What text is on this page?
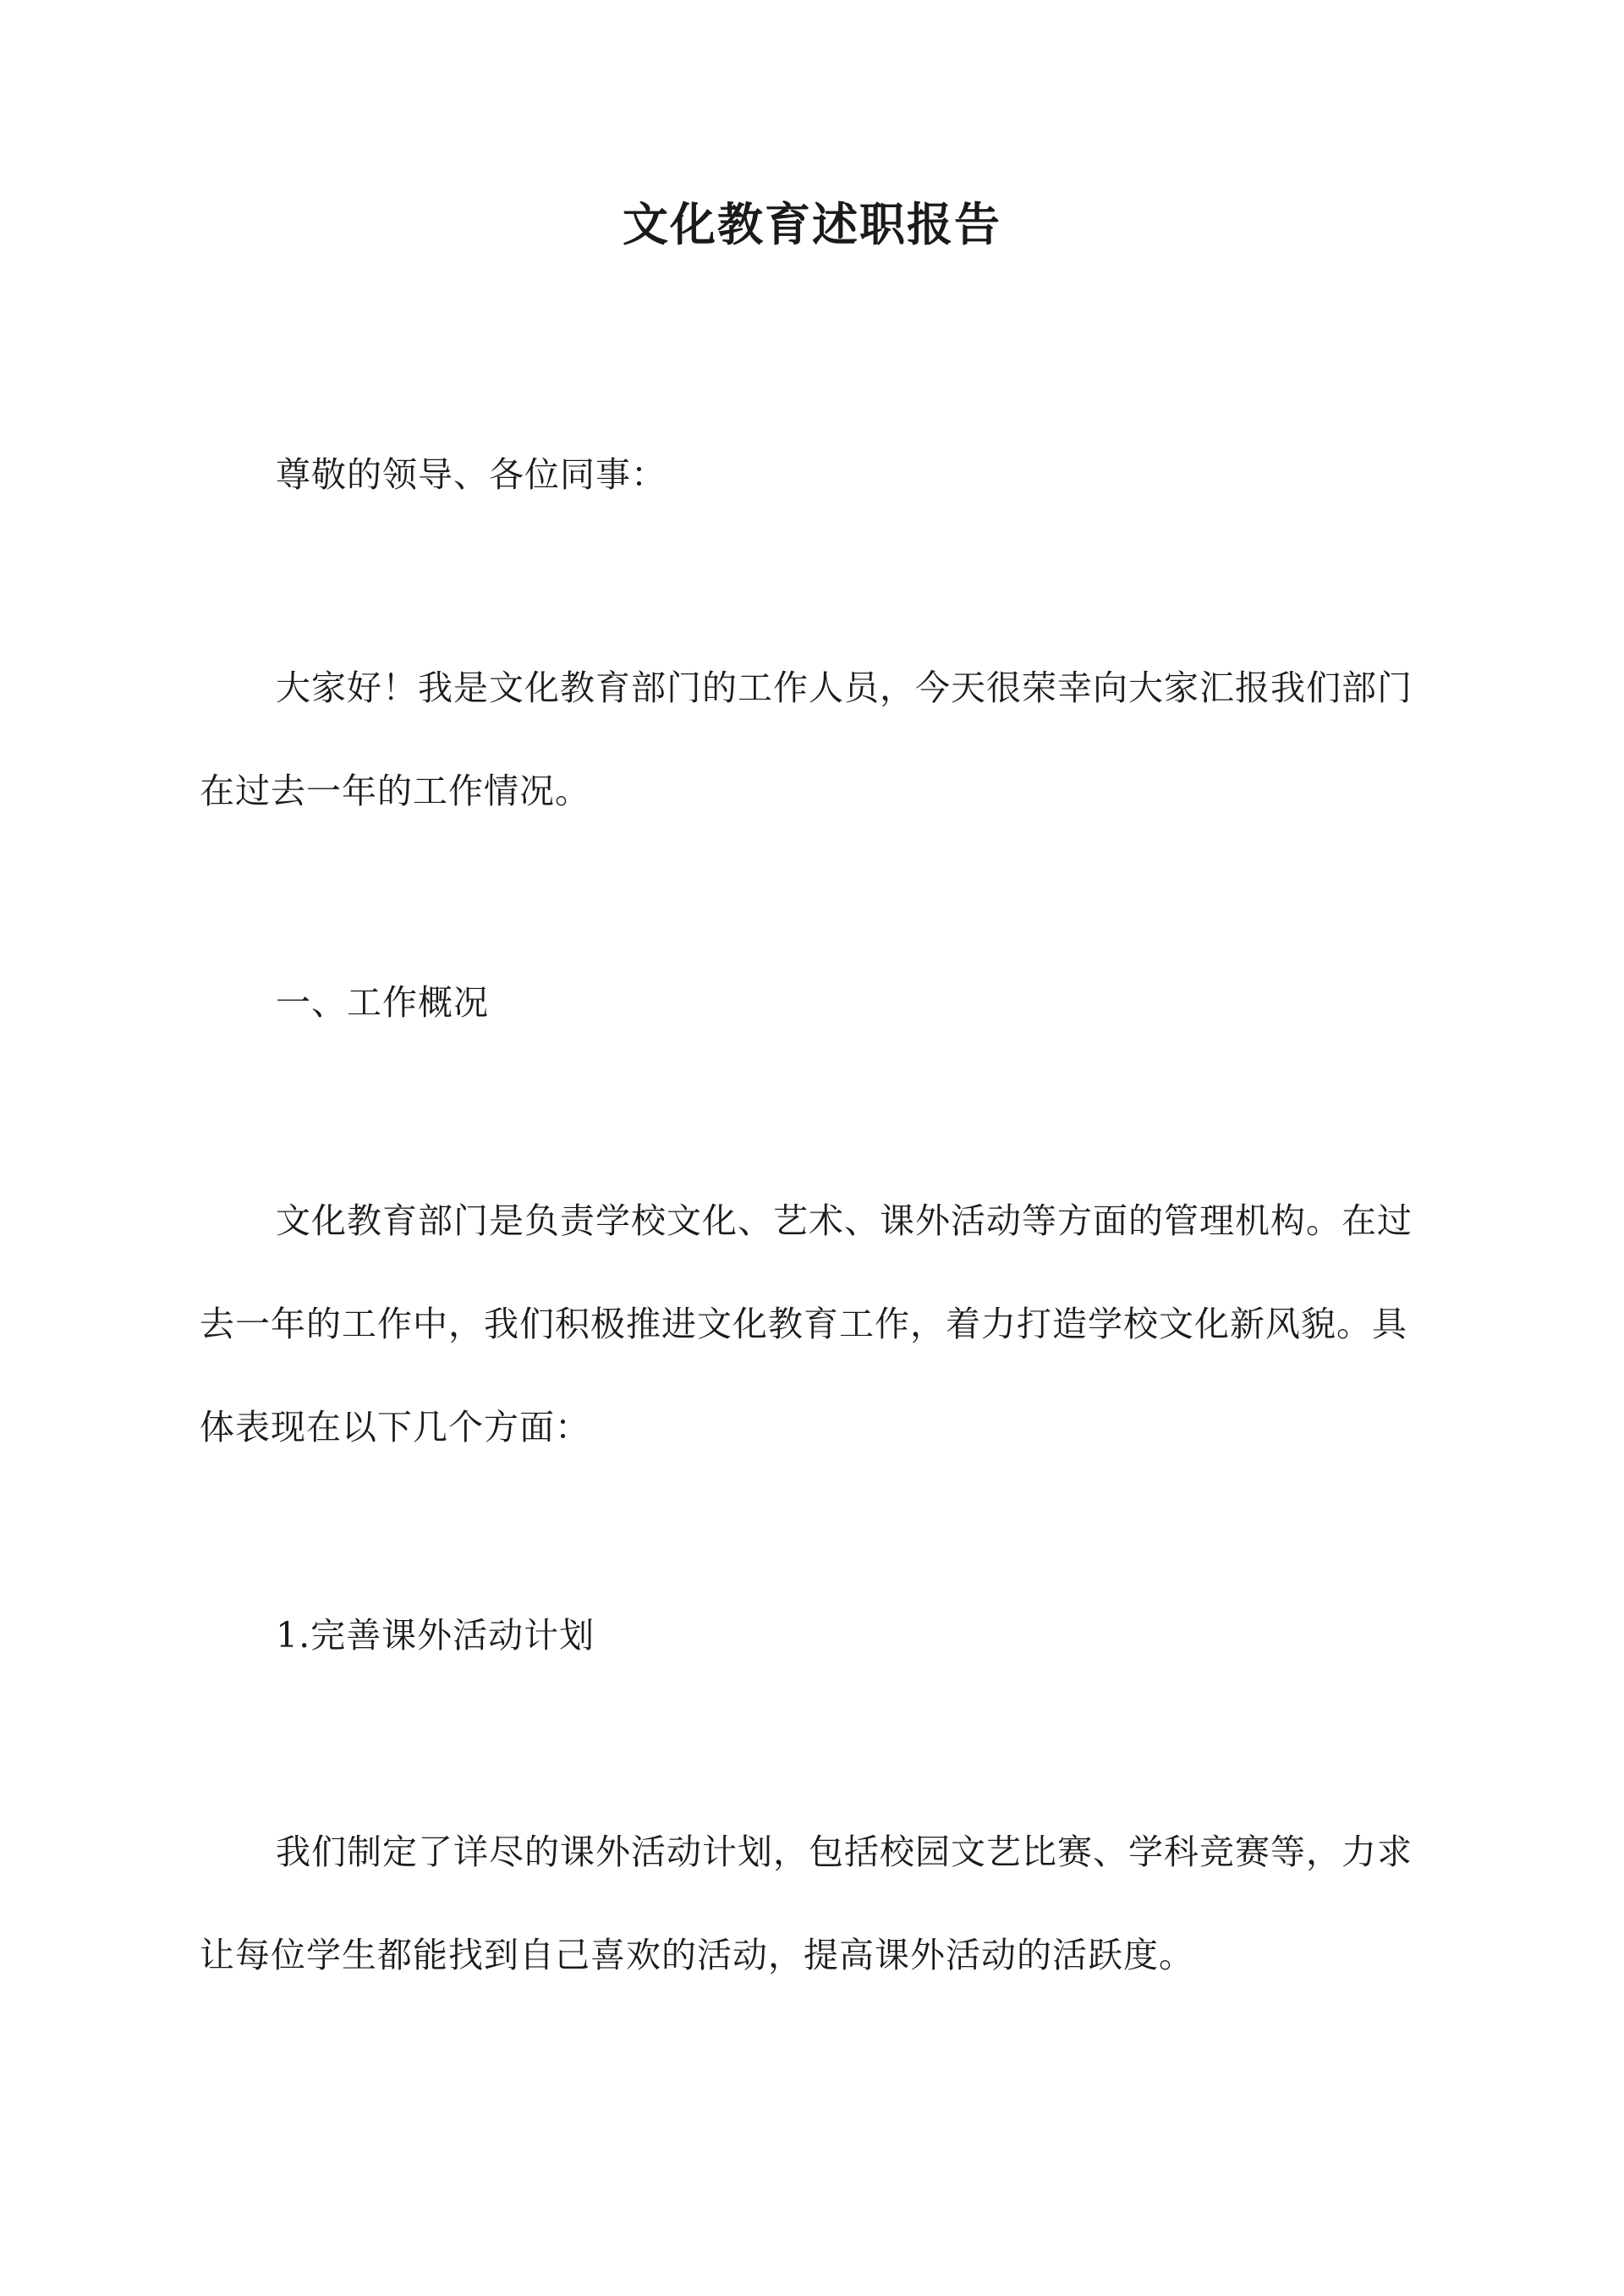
文化教育述职报告

尊敬的领导、各位同事：

大家好！我是文化教育部门的工作人员，今天很荣幸向大家汇报我们部门在过去一年的工作情况。

一、工作概况

文化教育部门是负责学校文化、艺术、课外活动等方面的管理机构。在过去一年的工作中，我们积极推进文化教育工作，着力打造学校文化新风貌。具体表现在以下几个方面：

1.完善课外活动计划

我们制定了详尽的课外活动计划，包括校园文艺比赛、学科竞赛等，力求让每位学生都能找到自己喜欢的活动，提高课外活动的活跃度。
